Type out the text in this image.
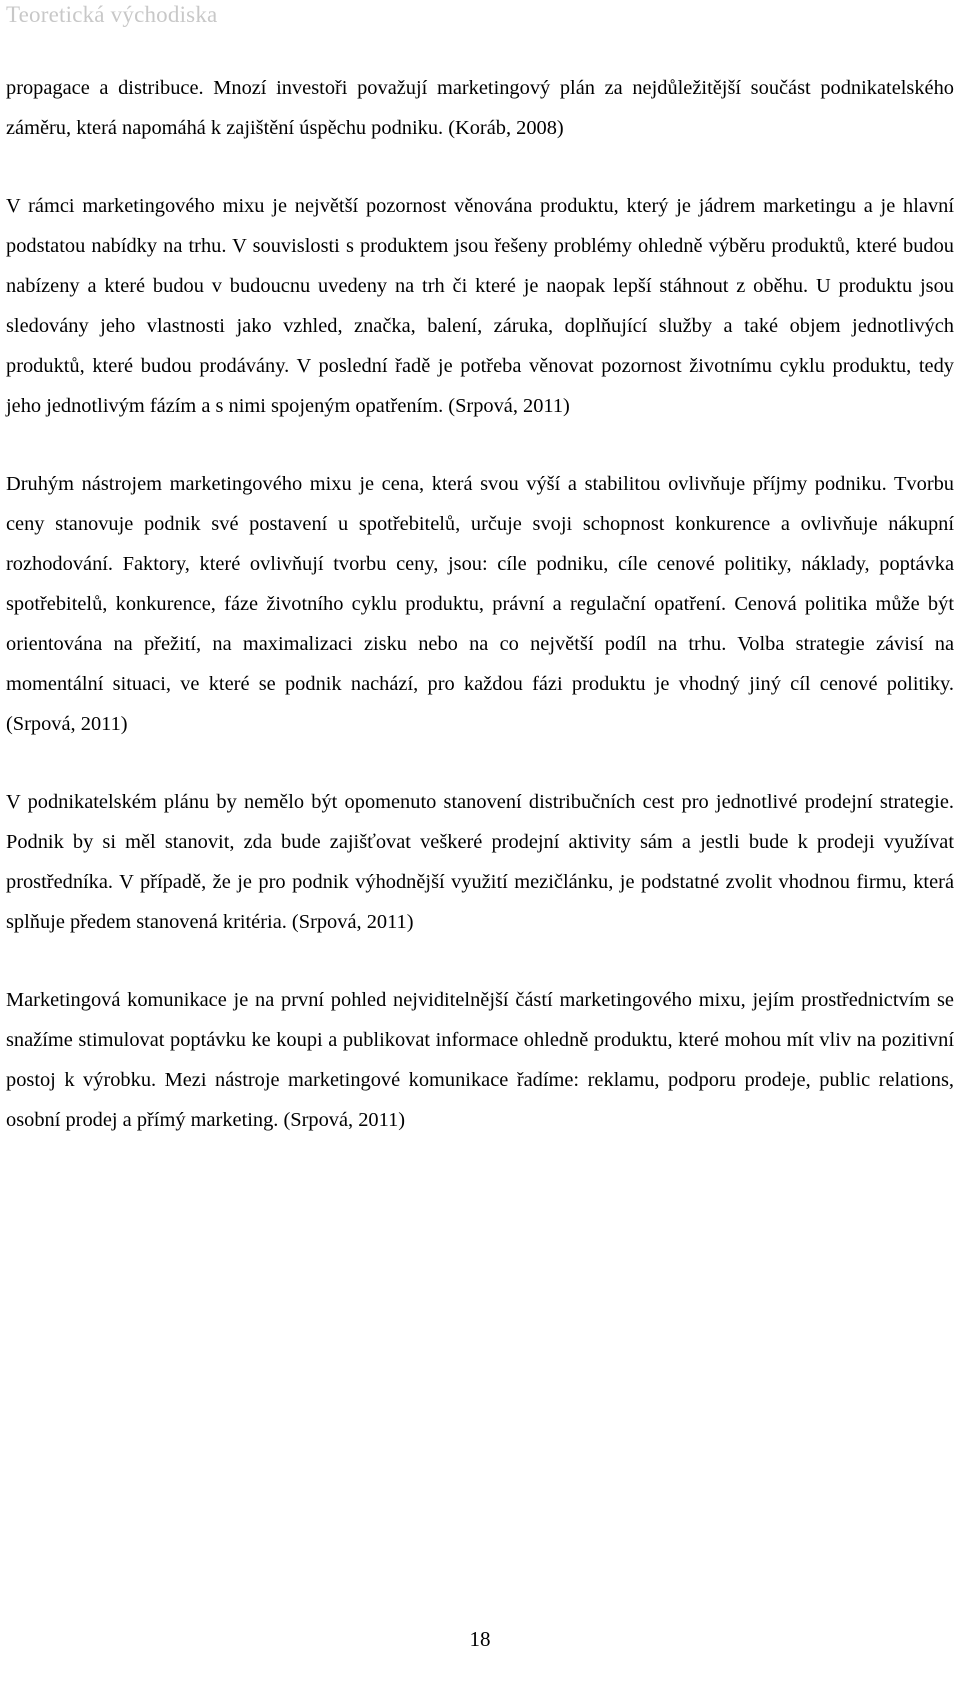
Teoretická východiska

propagace a distribuce. Mnozí investoři považují marketingový plán za nejdůležitější součást podnikatelského záměru, která napomáhá k zajištění úspěchu podniku. (Koráb, 2008)

V rámci marketingového mixu je největší pozornost věnována produktu, který je jádrem marketingu a je hlavní podstatou nabídky na trhu. V souvislosti s produktem jsou řešeny problémy ohledně výběru produktů, které budou nabízeny a které budou v budoucnu uvedeny na trh či které je naopak lepší stáhnout z oběhu. U produktu jsou sledovány jeho vlastnosti jako vzhled, značka, balení, záruka, doplňující služby a také objem jednotlivých produktů, které budou prodávány. V poslední řadě je potřeba věnovat pozornost životnímu cyklu produktu, tedy jeho jednotlivým fázím a s nimi spojeným opatřením. (Srpová, 2011)

Druhým nástrojem marketingového mixu je cena, která svou výší a stabilitou ovlivňuje příjmy podniku. Tvorbu ceny stanovuje podnik své postavení u spotřebitelů, určuje svoji schopnost konkurence a ovlivňuje nákupní rozhodování. Faktory, které ovlivňují tvorbu ceny, jsou: cíle podniku, cíle cenové politiky, náklady, poptávka spotřebitelů, konkurence, fáze životního cyklu produktu, právní a regulační opatření. Cenová politika může být orientována na přežití, na maximalizaci zisku nebo na co největší podíl na trhu. Volba strategie závisí na momentální situaci, ve které se podnik nachází, pro každou fázi produktu je vhodný jiný cíl cenové politiky. (Srpová, 2011)

V podnikatelském plánu by nemělo být opomenuto stanovení distribučních cest pro jednotlivé prodejní strategie. Podnik by si měl stanovit, zda bude zajišťovat veškeré prodejní aktivity sám a jestli bude k prodeji využívat prostředníka. V případě, že je pro podnik výhodnější využití mezičlánku, je podstatné zvolit vhodnou firmu, která splňuje předem stanovená kritéria. (Srpová, 2011)

Marketingová komunikace je na první pohled nejviditelnější částí marketingového mixu, jejím prostřednictvím se snažíme stimulovat poptávku ke koupi a publikovat informace ohledně produktu, které mohou mít vliv na pozitivní postoj k výrobku. Mezi nástroje marketingové komunikace řadíme: reklamu, podporu prodeje, public relations, osobní prodej a přímý marketing. (Srpová, 2011)

18
